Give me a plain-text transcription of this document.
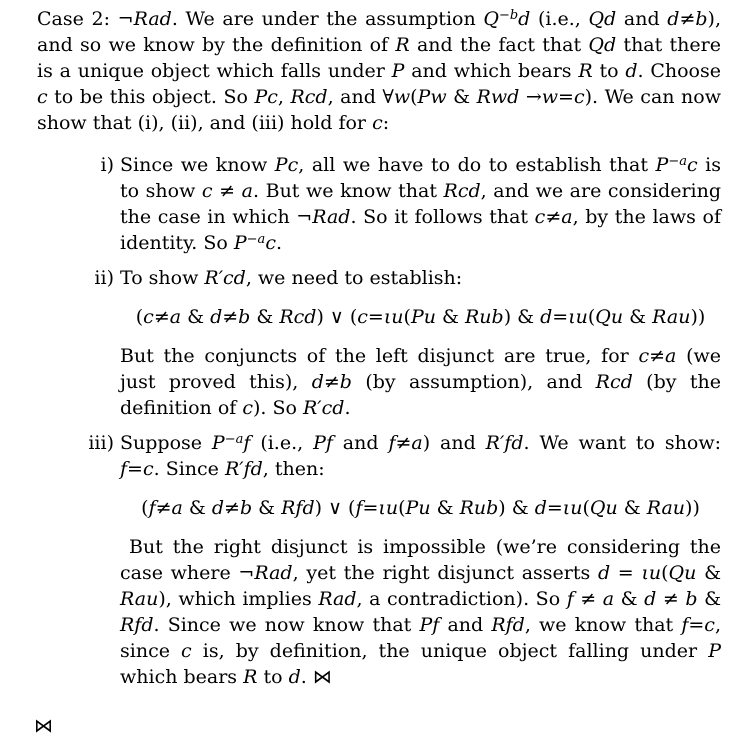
Case 2: ¬Rad. We are under the assumption $Q^{-b}d$ (i.e., Qd and d≠b), and so we know by the definition of R and the fact that Qd that there is a unique object which falls under P and which bears R to d. Choose c to be this object. So Pc, Rcd, and ∀w(Pw & Rwd →w=c). We can now show that (i), (ii), and (iii) hold for c:
i) Since we know Pc, all we have to do to establish that $P^{-a}c$ is to show c ≠ a. But we know that Rcd, and we are considering the case in which ¬Rad. So it follows that c≠a, by the laws of identity. So $P^{-a}c$.
ii) To show R′cd, we need to establish:
(c≠a & d≠b & Rcd) ∨ (c=ιu(Pu & Rub) & d=ιu(Qu & Rau))
But the conjuncts of the left disjunct are true, for c≠a (we just proved this), d≠b (by assumption), and Rcd (by the definition of c). So R′cd.
iii) Suppose $P^{-a}f$ (i.e., Pf and f≠a) and R′fd. We want to show: f=c. Since R′fd, then:
(f≠a & d≠b & Rfd) ∨ (f=ιu(Pu & Rub) & d=ιu(Qu & Rau))
But the right disjunct is impossible (we’re considering the case where ¬Rad, yet the right disjunct asserts d = ιu(Qu & Rau), which implies Rad, a contradiction). So f ≠ a & d ≠ b & Rfd. Since we now know that Pf and Rfd, we know that f=c, since c is, by definition, the unique object falling under P which bears R to d. ⋈
⋈
